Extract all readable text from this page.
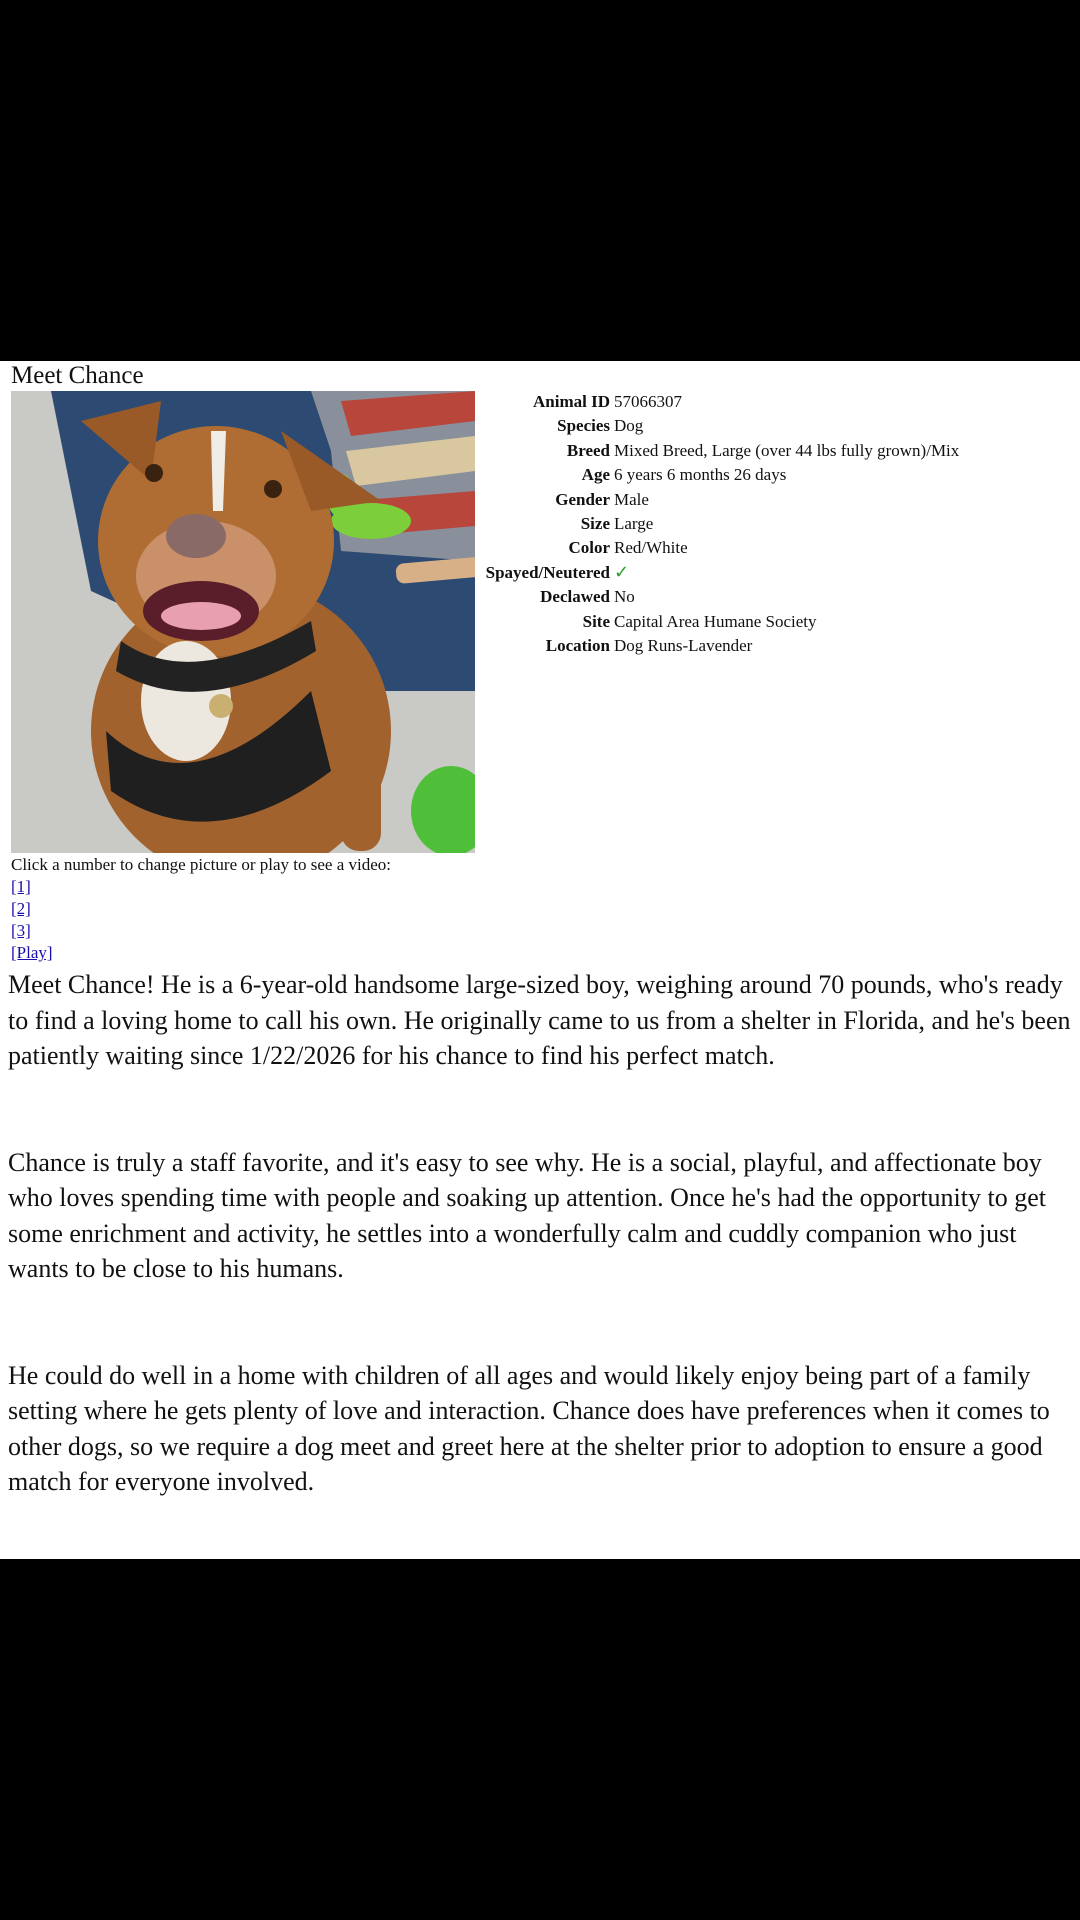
Meet Chance
Animal ID	57066307
Species	Dog
Breed	Mixed Breed, Large (over 44 lbs fully grown)/Mix
Age	6 years 6 months 26 days
Gender	Male
Size	Large
Color	Red/White
Spayed/Neutered	✓
Declawed	No
Site	Capital Area Humane Society
Location	Dog Runs-Lavender
Click a number to change picture or play to see a video:
[1]
[2]
[3]
[Play]

Meet Chance! He is a 6-year-old handsome large-sized boy, weighing around 70 pounds, who's ready to find a loving home to call his own. He originally came to us from a shelter in Florida, and he's been patiently waiting since 1/22/2026 for his chance to find his perfect match.

Chance is truly a staff favorite, and it's easy to see why. He is a social, playful, and affectionate boy who loves spending time with people and soaking up attention. Once he's had the opportunity to get some enrichment and activity, he settles into a wonderfully calm and cuddly companion who just wants to be close to his humans.

He could do well in a home with children of all ages and would likely enjoy being part of a family setting where he gets plenty of love and interaction. Chance does have preferences when it comes to other dogs, so we require a dog meet and greet here at the shelter prior to adoption to ensure a good match for everyone involved.
